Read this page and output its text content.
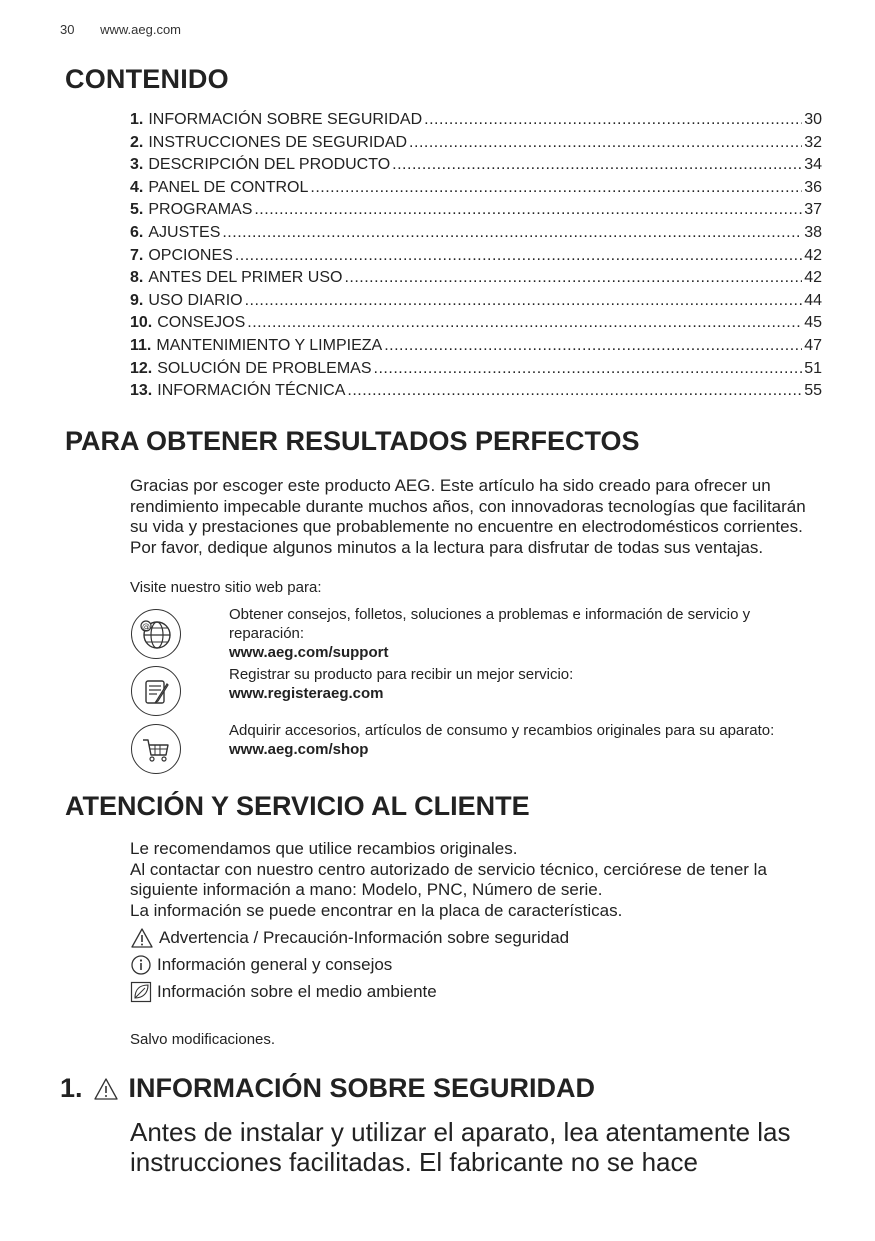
30 www.aeg.com
CONTENIDO
1. INFORMACIÓN SOBRE SEGURIDAD .....	30
2. INSTRUCCIONES DE SEGURIDAD .....	32
3. DESCRIPCIÓN DEL PRODUCTO .....	34
4. PANEL DE CONTROL .....	36
5. PROGRAMAS .....	37
6. AJUSTES .....	38
7. OPCIONES .....	42
8. ANTES DEL PRIMER USO .....	42
9. USO DIARIO .....	44
10. CONSEJOS .....	45
11. MANTENIMIENTO Y LIMPIEZA .....	47
12. SOLUCIÓN DE PROBLEMAS .....	51
13. INFORMACIÓN TÉCNICA .....	55
PARA OBTENER RESULTADOS PERFECTOS
Gracias por escoger este producto AEG. Este artículo ha sido creado para ofrecer un rendimiento impecable durante muchos años, con innovadoras tecnologías que facilitarán su vida y prestaciones que probablemente no encuentre en electrodomésticos corrientes. Por favor, dedique algunos minutos a la lectura para disfrutar de todas sus ventajas.
Visite nuestro sitio web para:
@
Obtener consejos, folletos, soluciones a problemas e información de servicio y reparación:
www.aeg.com/support
Registrar su producto para recibir un mejor servicio:
www.registeraeg.com
Adquirir accesorios, artículos de consumo y recambios originales para su aparato:
www.aeg.com/shop
ATENCIÓN Y SERVICIO AL CLIENTE
Le recomendamos que utilice recambios originales.
Al contactar con nuestro centro autorizado de servicio técnico, cerciórese de tener la siguiente información a mano: Modelo, PNC, Número de serie.
La información se puede encontrar en la placa de características.
Advertencia / Precaución-Información sobre seguridad
Información general y consejos
Información sobre el medio ambiente
Salvo modificaciones.
1. INFORMACIÓN SOBRE SEGURIDAD
Antes de instalar y utilizar el aparato, lea atentamente las instrucciones facilitadas. El fabricante no se hace
